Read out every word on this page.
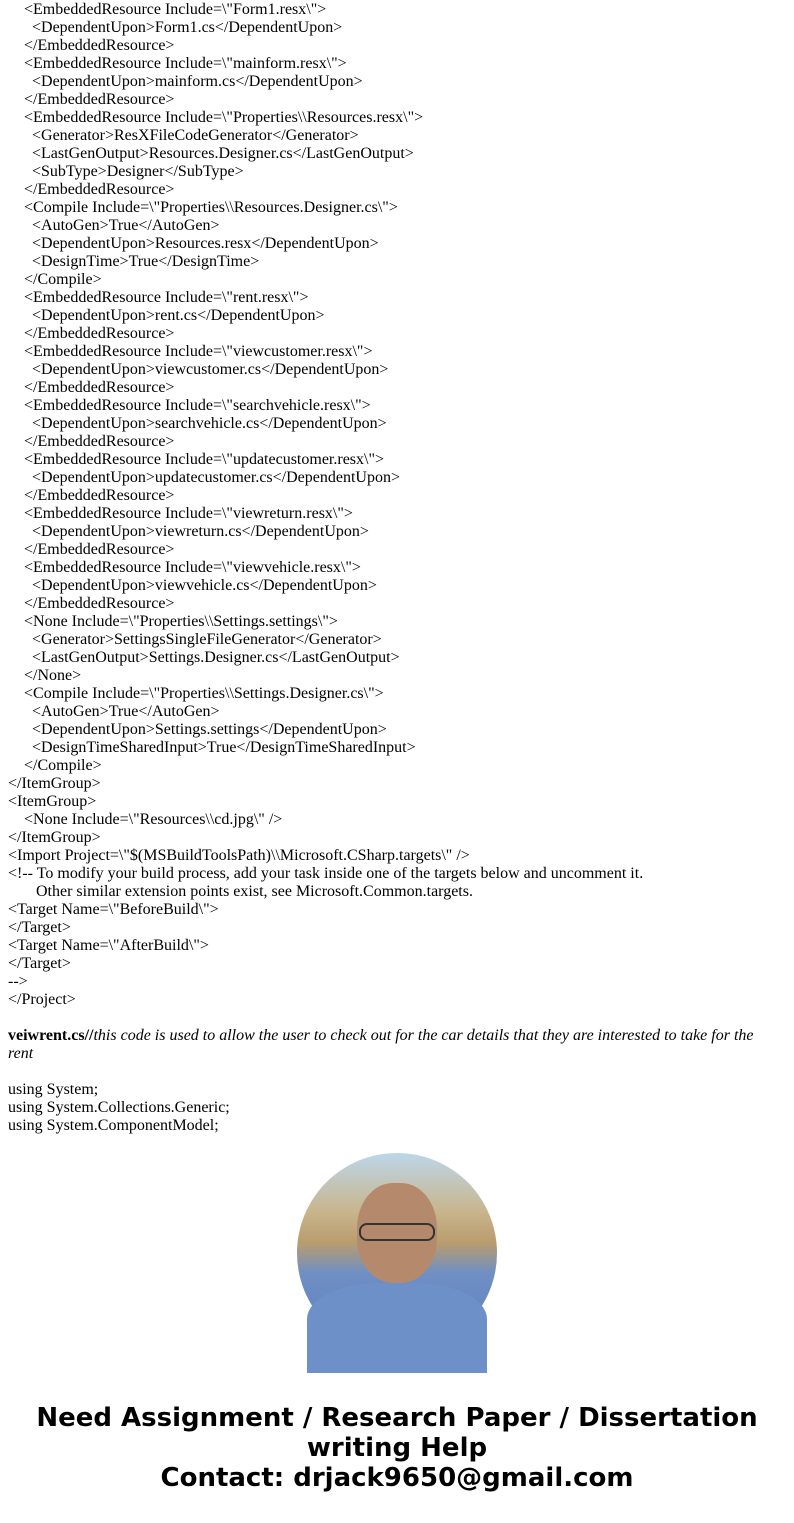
<EmbeddedResource Include=\"Form1.resx\">
<DependentUpon>Form1.cs</DependentUpon>
</EmbeddedResource>
<EmbeddedResource Include=\"mainform.resx\">
<DependentUpon>mainform.cs</DependentUpon>
</EmbeddedResource>
<EmbeddedResource Include=\"Properties\\Resources.resx\">
<Generator>ResXFileCodeGenerator</Generator>
<LastGenOutput>Resources.Designer.cs</LastGenOutput>
<SubType>Designer</SubType>
</EmbeddedResource>
<Compile Include=\"Properties\\Resources.Designer.cs\">
<AutoGen>True</AutoGen>
<DependentUpon>Resources.resx</DependentUpon>
<DesignTime>True</DesignTime>
</Compile>
<EmbeddedResource Include=\"rent.resx\">
<DependentUpon>rent.cs</DependentUpon>
</EmbeddedResource>
<EmbeddedResource Include=\"viewcustomer.resx\">
<DependentUpon>viewcustomer.cs</DependentUpon>
</EmbeddedResource>
<EmbeddedResource Include=\"searchvehicle.resx\">
<DependentUpon>searchvehicle.cs</DependentUpon>
</EmbeddedResource>
<EmbeddedResource Include=\"updatecustomer.resx\">
<DependentUpon>updatecustomer.cs</DependentUpon>
</EmbeddedResource>
<EmbeddedResource Include=\"viewreturn.resx\">
<DependentUpon>viewreturn.cs</DependentUpon>
</EmbeddedResource>
<EmbeddedResource Include=\"viewvehicle.resx\">
<DependentUpon>viewvehicle.cs</DependentUpon>
</EmbeddedResource>
<None Include=\"Properties\\Settings.settings\">
<Generator>SettingsSingleFileGenerator</Generator>
<LastGenOutput>Settings.Designer.cs</LastGenOutput>
</None>
<Compile Include=\"Properties\\Settings.Designer.cs\">
<AutoGen>True</AutoGen>
<DependentUpon>Settings.settings</DependentUpon>
<DesignTimeSharedInput>True</DesignTimeSharedInput>
</Compile>
</ItemGroup>
<ItemGroup>
<None Include=\"Resources\\cd.jpg\" />
</ItemGroup>
<Import Project=\"$(MSBuildToolsPath)\\Microsoft.CSharp.targets\" />
<!-- To modify your build process, add your task inside one of the targets below and uncomment it.
Other similar extension points exist, see Microsoft.Common.targets.
<Target Name=\"BeforeBuild\">
</Target>
<Target Name=\"AfterBuild\">
</Target>
-->
</Project>
veiwrent.cs//this code is used to allow the user to check out for the car details that they are interested to take for the rent
using System;
using System.Collections.Generic;
using System.ComponentModel;
Need Assignment / Research Paper / Dissertation writing Help
Contact: drjack9650@gmail.com
